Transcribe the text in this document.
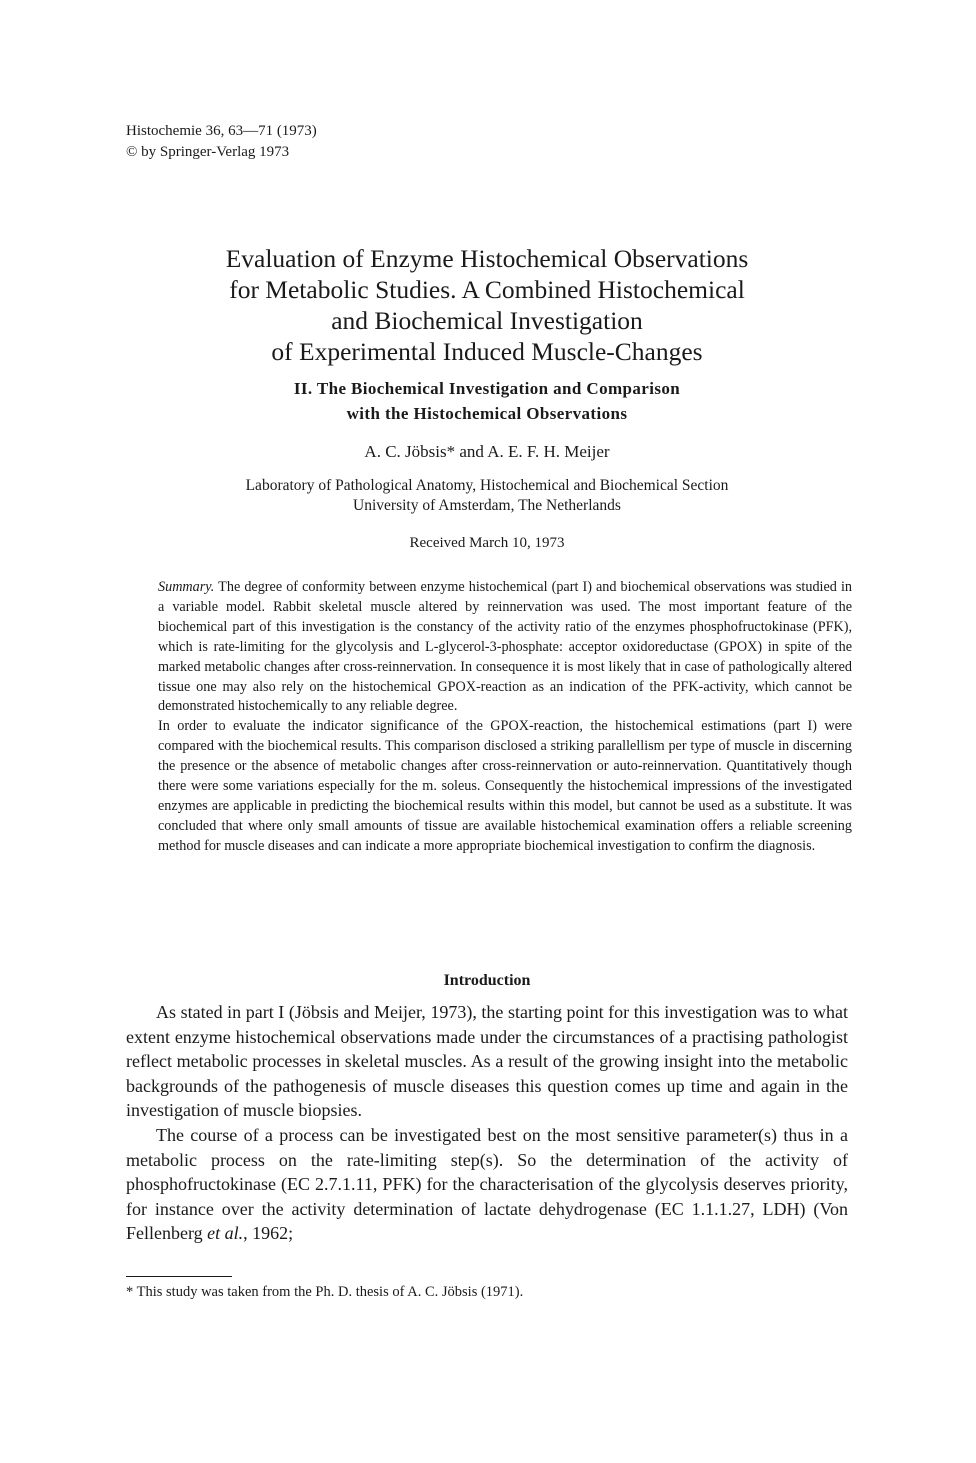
Histochemie 36, 63—71 (1973)
© by Springer-Verlag 1973
Evaluation of Enzyme Histochemical Observations
for Metabolic Studies. A Combined Histochemical
and Biochemical Investigation
of Experimental Induced Muscle-Changes
II. The Biochemical Investigation and Comparison
with the Histochemical Observations
A. C. Jöbsis* and A. E. F. H. Meijer
Laboratory of Pathological Anatomy, Histochemical and Biochemical Section
University of Amsterdam, The Netherlands
Received March 10, 1973

Summary. The degree of conformity between enzyme histochemical (part I) and biochemical observations was studied in a variable model. Rabbit skeletal muscle altered by reinnervation was used. The most important feature of the biochemical part of this investigation is the constancy of the activity ratio of the enzymes phosphofructokinase (PFK), which is rate-limiting for the glycolysis and L-glycerol-3-phosphate: acceptor oxidoreductase (GPOX) in spite of the marked metabolic changes after cross-reinnervation. In consequence it is most likely that in case of pathologically altered tissue one may also rely on the histochemical GPOX-reaction as an indication of the PFK-activity, which cannot be demonstrated histochemically to any reliable degree.

In order to evaluate the indicator significance of the GPOX-reaction, the histochemical estimations (part I) were compared with the biochemical results. This comparison disclosed a striking parallellism per type of muscle in discerning the presence or the absence of metabolic changes after cross-reinnervation or auto-reinnervation. Quantitatively though there were some variations especially for the m. soleus. Consequently the histochemical impressions of the investigated enzymes are applicable in predicting the biochemical results within this model, but cannot be used as a substitute. It was concluded that where only small amounts of tissue are available histochemical examination offers a reliable screening method for muscle diseases and can indicate a more appropriate biochemical investigation to confirm the diagnosis.

Introduction

As stated in part I (Jöbsis and Meijer, 1973), the starting point for this investigation was to what extent enzyme histochemical observations made under the circumstances of a practising pathologist reflect metabolic processes in skeletal muscles. As a result of the growing insight into the metabolic backgrounds of the pathogenesis of muscle diseases this question comes up time and again in the investigation of muscle biopsies.

The course of a process can be investigated best on the most sensitive parameter(s) thus in a metabolic process on the rate-limiting step(s). So the determination of the activity of phosphofructokinase (EC 2.7.1.11, PFK) for the characterisation of the glycolysis deserves priority, for instance over the activity determination of lactate dehydrogenase (EC 1.1.1.27, LDH) (Von Fellenberg et al., 1962;

* This study was taken from the Ph. D. thesis of A. C. Jöbsis (1971).
